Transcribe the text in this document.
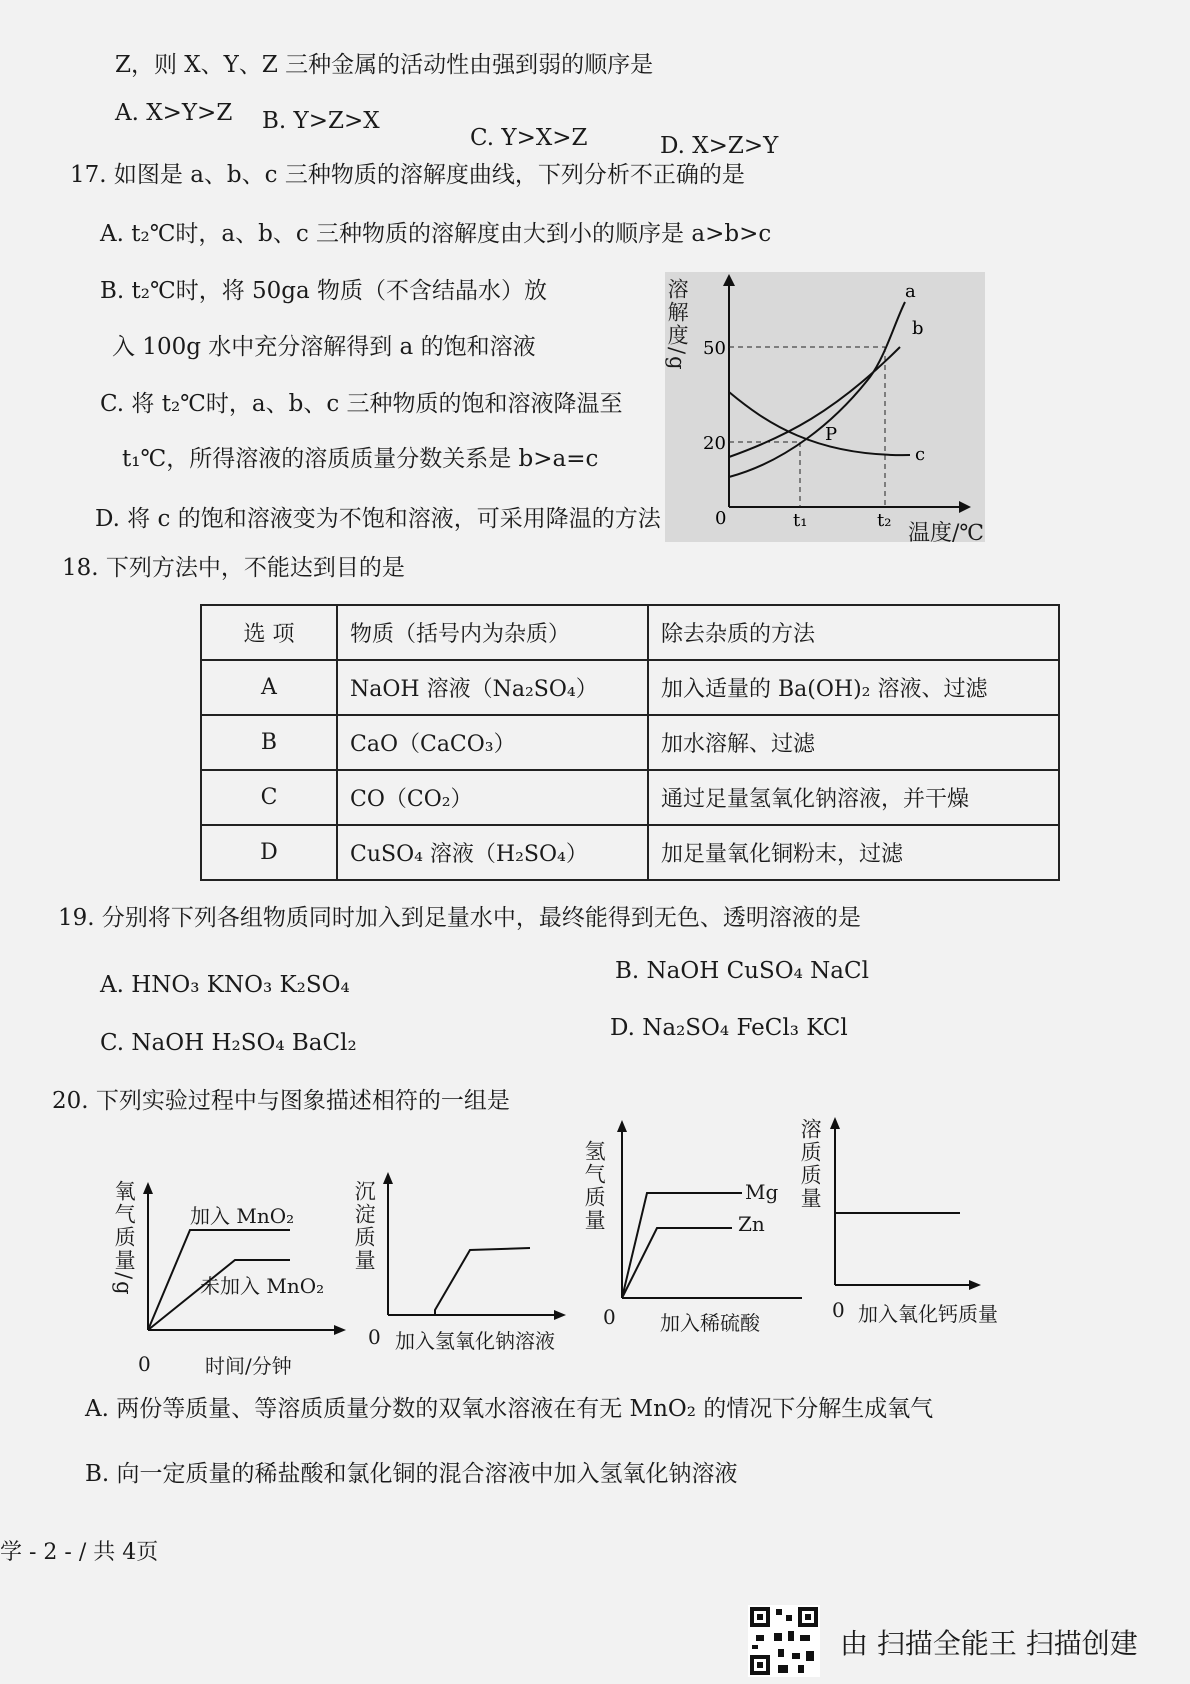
Z，则 X、Y、Z 三种金属的活动性由强到弱的顺序是
A. X>Y>Z B. Y>Z>X
C. Y>X>Z	D. X>Z>Y
17. 如图是 a、b、c 三种物质的溶解度曲线，下列分析不正确的是
A. t₂℃时，a、b、c 三种物质的溶解度由大到小的顺序是 a>b>c
B. t₂℃时，将 50ga 物质（不含结晶水）放
入 100g 水中充分溶解得到 a 的饱和溶液
C. 将 t₂℃时，a、b、c 三种物质的饱和溶液降温至
t₁℃，所得溶液的溶质质量分数关系是 b>a=c
D. 将 c 的饱和溶液变为不饱和溶液，可采用降温的方法
a
b
c
P
50
20
0	t₁	t₂
溶解度/g
温度/℃
18. 下列方法中，不能达到目的是
选 项	物质（括号内为杂质）	除去杂质的方法
A	NaOH 溶液（Na₂SO₄）	加入适量的 Ba(OH)₂ 溶液、过滤
B	CaO（CaCO₃）	加水溶解、过滤
C	CO（CO₂）	通过足量氢氧化钠溶液，并干燥
D	CuSO₄ 溶液（H₂SO₄）	加足量氧化铜粉末，过滤
19. 分别将下列各组物质同时加入到足量水中，最终能得到无色、透明溶液的是
A. HNO₃ KNO₃ K₂SO₄
B. NaOH CuSO₄ NaCl
C. NaOH H₂SO₄ BaCl₂
D. Na₂SO₄ FeCl₃ KCl
20. 下列实验过程中与图象描述相符的一组是
氧气质量/g	加入 MnO₂
未加入 MnO₂
0	时间/分钟
沉淀质量
0 加入氢氧化钠溶液
氢气质量	Mg
Zn
0 加入稀硫酸
溶质质量
0 加入氧化钙质量
A. 两份等质量、等溶质质量分数的双氧水溶液在有无 MnO₂ 的情况下分解生成氧气
B. 向一定质量的稀盐酸和氯化铜的混合溶液中加入氢氧化钠溶液
学 - 2 - / 共 4页
由 扫描全能王 扫描创建
